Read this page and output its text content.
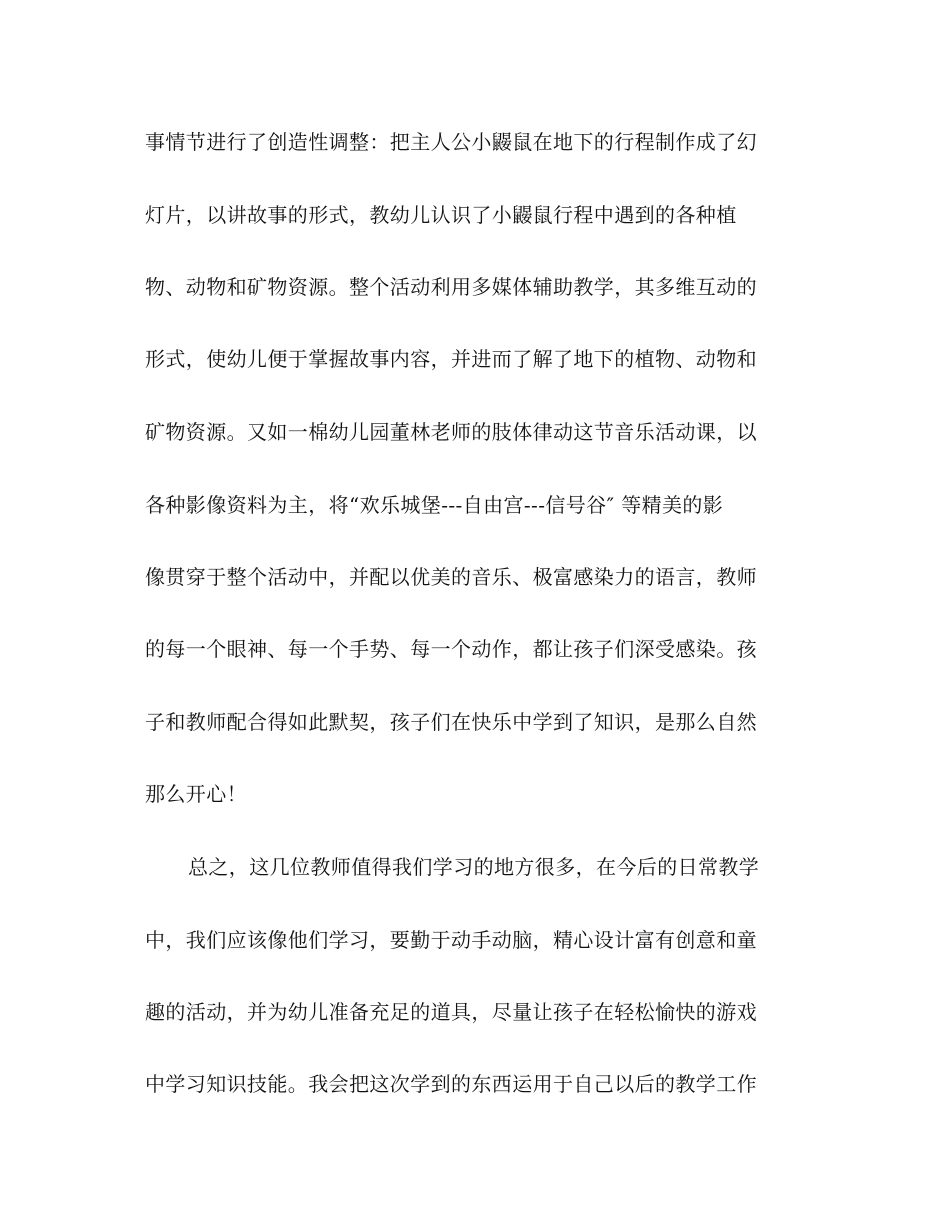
事情节进行了创造性调整：把主人公小鼹鼠在地下的行程制作成了幻
灯片，以讲故事的形式，教幼儿认识了小鼹鼠行程中遇到的各种植
物、动物和矿物资源。整个活动利用多媒体辅助教学，其多维互动的
形式，使幼儿便于掌握故事内容，并进而了解了地下的植物、动物和
矿物资源。又如一棉幼儿园董林老师的肢体律动这节音乐活动课，以
各种影像资料为主，将“欢乐城堡---自由宫---信号谷″ 等精美的影
像贯穿于整个活动中，并配以优美的音乐、极富感染力的语言，教师
的每一个眼神、每一个手势、每一个动作，都让孩子们深受感染。孩
子和教师配合得如此默契，孩子们在快乐中学到了知识，是那么自然
那么开心！
总之，这几位教师值得我们学习的地方很多，在今后的日常教学
中，我们应该像他们学习，要勤于动手动脑，精心设计富有创意和童
趣的活动，并为幼儿准备充足的道具，尽量让孩子在轻松愉快的游戏
中学习知识技能。我会把这次学到的东西运用于自己以后的教学工作
